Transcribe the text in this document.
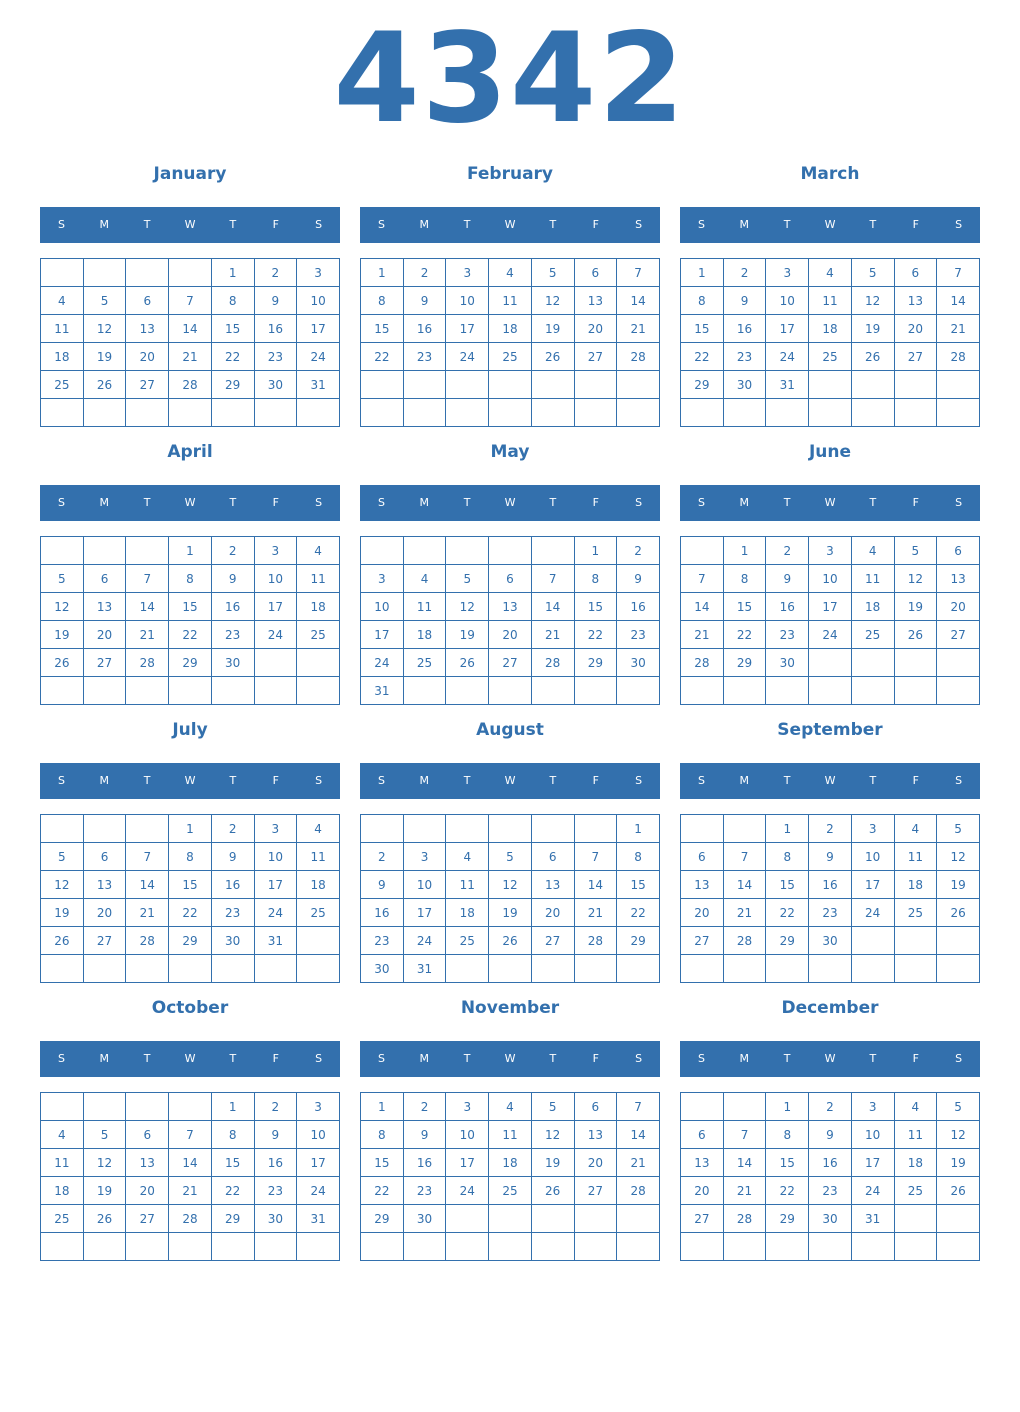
4342
January
S	M	T	W	T	F	S
				1	2	3
4	5	6	7	8	9	10
11	12	13	14	15	16	17
18	19	20	21	22	23	24
25	26	27	28	29	30	31

February
S	M	T	W	T	F	S
1	2	3	4	5	6	7
8	9	10	11	12	13	14
15	16	17	18	19	20	21
22	23	24	25	26	27	28

March
S	M	T	W	T	F	S
1	2	3	4	5	6	7
8	9	10	11	12	13	14
15	16	17	18	19	20	21
22	23	24	25	26	27	28
29	30	31				

April
S	M	T	W	T	F	S
			1	2	3	4
5	6	7	8	9	10	11
12	13	14	15	16	17	18
19	20	21	22	23	24	25
26	27	28	29	30		

May
S	M	T	W	T	F	S
					1	2
3	4	5	6	7	8	9
10	11	12	13	14	15	16
17	18	19	20	21	22	23
24	25	26	27	28	29	30
31						
June
S	M	T	W	T	F	S
	1	2	3	4	5	6
7	8	9	10	11	12	13
14	15	16	17	18	19	20
21	22	23	24	25	26	27
28	29	30				

July
S	M	T	W	T	F	S
			1	2	3	4
5	6	7	8	9	10	11
12	13	14	15	16	17	18
19	20	21	22	23	24	25
26	27	28	29	30	31	

August
S	M	T	W	T	F	S
						1
2	3	4	5	6	7	8
9	10	11	12	13	14	15
16	17	18	19	20	21	22
23	24	25	26	27	28	29
30	31					
September
S	M	T	W	T	F	S
		1	2	3	4	5
6	7	8	9	10	11	12
13	14	15	16	17	18	19
20	21	22	23	24	25	26
27	28	29	30			

October
S	M	T	W	T	F	S
				1	2	3
4	5	6	7	8	9	10
11	12	13	14	15	16	17
18	19	20	21	22	23	24
25	26	27	28	29	30	31

November
S	M	T	W	T	F	S
1	2	3	4	5	6	7
8	9	10	11	12	13	14
15	16	17	18	19	20	21
22	23	24	25	26	27	28
29	30					

December
S	M	T	W	T	F	S
		1	2	3	4	5
6	7	8	9	10	11	12
13	14	15	16	17	18	19
20	21	22	23	24	25	26
27	28	29	30	31		
